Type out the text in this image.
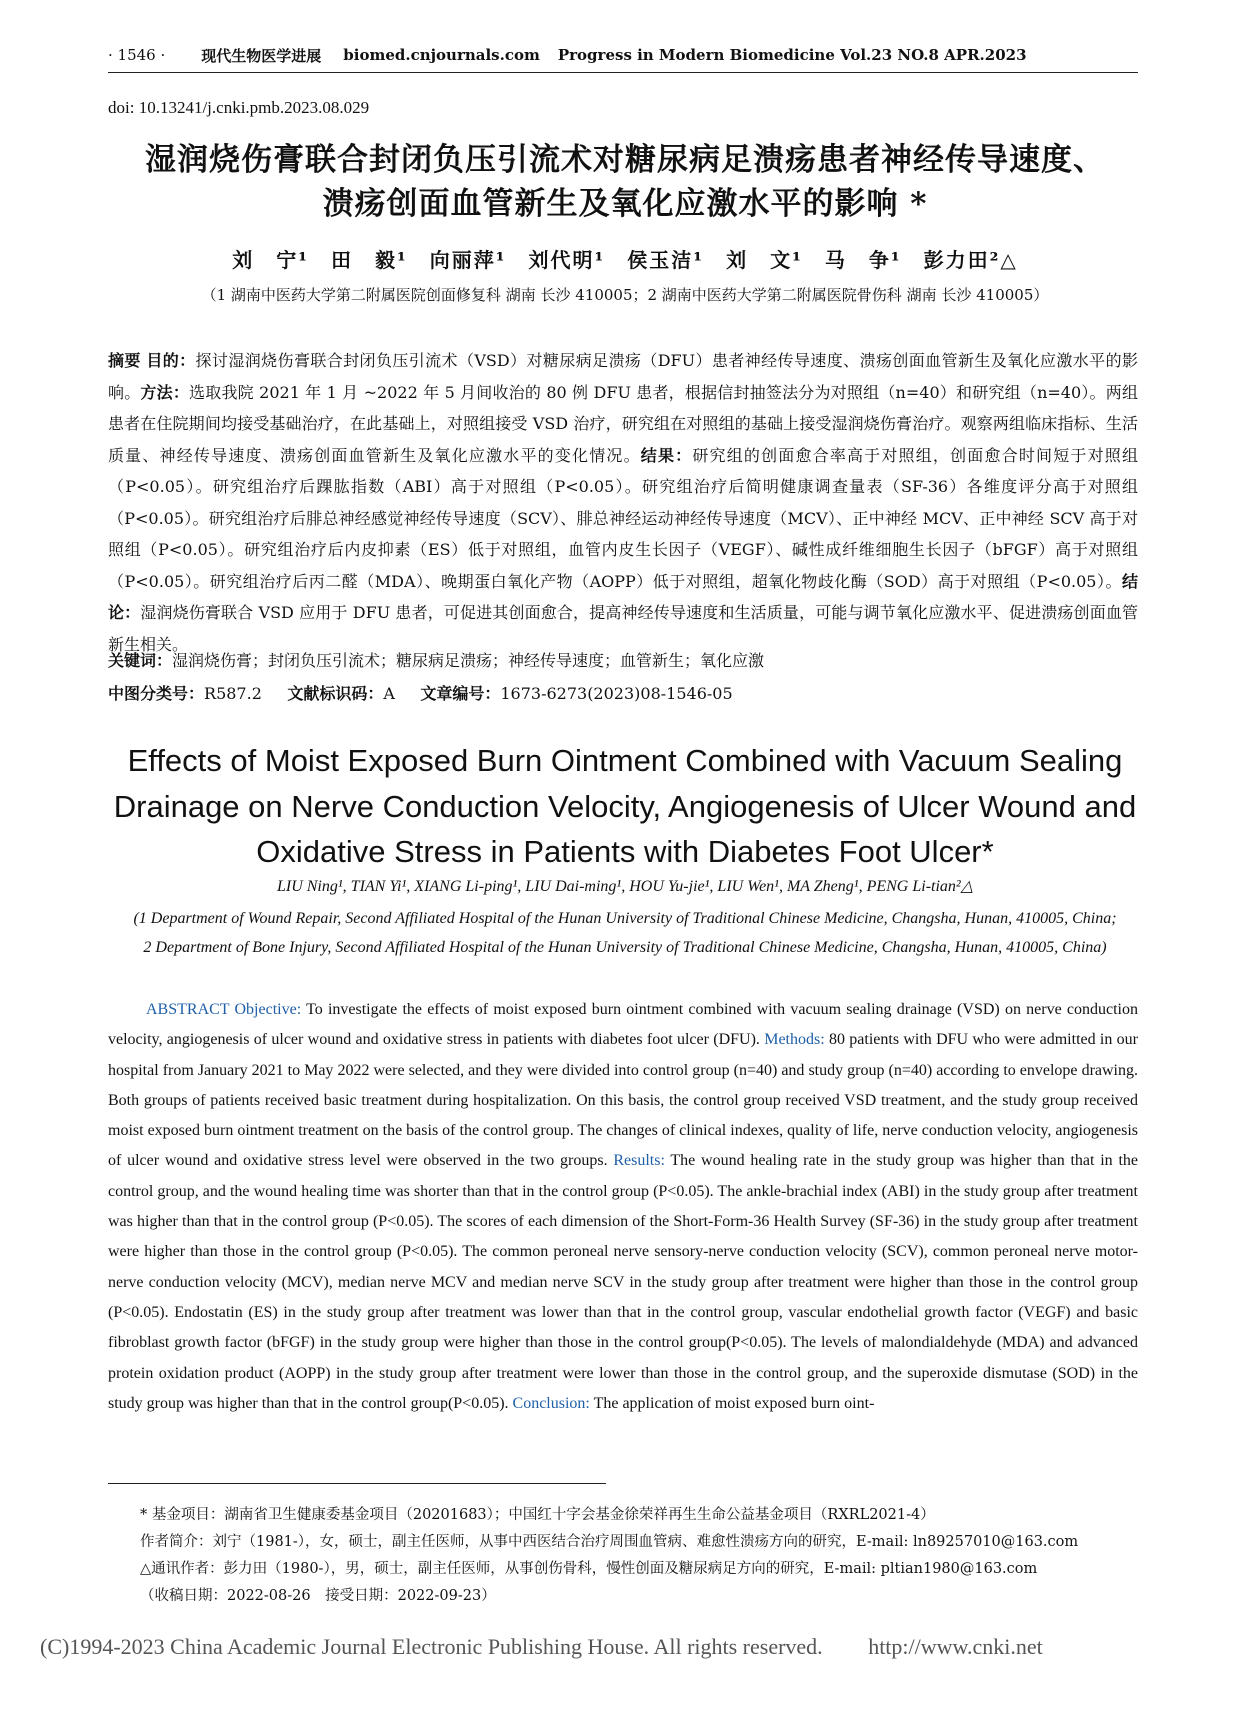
· 1546 · 现代生物医学进展 biomed.cnjournals.com Progress in Modern Biomedicine Vol.23 NO.8 APR.2023
doi: 10.13241/j.cnki.pmb.2023.08.029
湿润烧伤膏联合封闭负压引流术对糖尿病足溃疡患者神经传导速度、
溃疡创面血管新生及氧化应激水平的影响 *
刘　宁¹　田　毅¹　向丽萍¹　刘代明¹　侯玉洁¹　刘　文¹　马　争¹　彭力田²△
（1 湖南中医药大学第二附属医院创面修复科 湖南 长沙 410005；2 湖南中医药大学第二附属医院骨伤科 湖南 长沙 410005）
摘要 目的：探讨湿润烧伤膏联合封闭负压引流术（VSD）对糖尿病足溃疡（DFU）患者神经传导速度、溃疡创面血管新生及氧化应激水平的影响。方法：选取我院 2021 年 1 月 ~2022 年 5 月间收治的 80 例 DFU 患者，根据信封抽签法分为对照组（n=40）和研究组（n=40）。两组患者在住院期间均接受基础治疗，在此基础上，对照组接受 VSD 治疗，研究组在对照组的基础上接受湿润烧伤膏治疗。观察两组临床指标、生活质量、神经传导速度、溃疡创面血管新生及氧化应激水平的变化情况。结果：研究组的创面愈合率高于对照组，创面愈合时间短于对照组（P<0.05）。研究组治疗后踝肱指数（ABI）高于对照组（P<0.05）。研究组治疗后简明健康调查量表（SF-36）各维度评分高于对照组（P<0.05）。研究组治疗后腓总神经感觉神经传导速度（SCV）、腓总神经运动神经传导速度（MCV）、正中神经 MCV、正中神经 SCV 高于对照组（P<0.05）。研究组治疗后内皮抑素（ES）低于对照组，血管内皮生长因子（VEGF）、碱性成纤维细胞生长因子（bFGF）高于对照组（P<0.05）。研究组治疗后丙二醛（MDA）、晚期蛋白氧化产物（AOPP）低于对照组，超氧化物歧化酶（SOD）高于对照组（P<0.05）。结论：湿润烧伤膏联合 VSD 应用于 DFU 患者，可促进其创面愈合，提高神经传导速度和生活质量，可能与调节氧化应激水平、促进溃疡创面血管新生相关。
关键词：湿润烧伤膏；封闭负压引流术；糖尿病足溃疡；神经传导速度；血管新生；氧化应激
中图分类号：R587.2 文献标识码：A 文章编号：1673-6273(2023)08-1546-05
Effects of Moist Exposed Burn Ointment Combined with Vacuum Sealing
Drainage on Nerve Conduction Velocity, Angiogenesis of Ulcer Wound and
Oxidative Stress in Patients with Diabetes Foot Ulcer*
LIU Ning¹, TIAN Yi¹, XIANG Li-ping¹, LIU Dai-ming¹, HOU Yu-jie¹, LIU Wen¹, MA Zheng¹, PENG Li-tian²△
(1 Department of Wound Repair, Second Affiliated Hospital of the Hunan University of Traditional Chinese Medicine, Changsha, Hunan, 410005, China; 2 Department of Bone Injury, Second Affiliated Hospital of the Hunan University of Traditional Chinese Medicine, Changsha, Hunan, 410005, China)
ABSTRACT Objective: To investigate the effects of moist exposed burn ointment combined with vacuum sealing drainage (VSD) on nerve conduction velocity, angiogenesis of ulcer wound and oxidative stress in patients with diabetes foot ulcer (DFU). Methods: 80 patients with DFU who were admitted in our hospital from January 2021 to May 2022 were selected, and they were divided into control group (n=40) and study group (n=40) according to envelope drawing. Both groups of patients received basic treatment during hospitalization. On this basis, the control group received VSD treatment, and the study group received moist exposed burn ointment treatment on the basis of the control group. The changes of clinical indexes, quality of life, nerve conduction velocity, angiogenesis of ulcer wound and oxidative stress level were observed in the two groups. Results: The wound healing rate in the study group was higher than that in the control group, and the wound healing time was shorter than that in the control group (P<0.05). The ankle-brachial index (ABI) in the study group after treatment was higher than that in the control group (P<0.05). The scores of each dimension of the Short-Form-36 Health Survey (SF-36) in the study group after treatment were higher than those in the control group (P<0.05). The common peroneal nerve sensory-nerve conduction velocity (SCV), common peroneal nerve motor-nerve conduction velocity (MCV), median nerve MCV and median nerve SCV in the study group after treatment were higher than those in the control group (P<0.05). Endostatin (ES) in the study group after treatment was lower than that in the control group, vascular endothelial growth factor (VEGF) and basic fibroblast growth factor (bFGF) in the study group were higher than those in the control group(P<0.05). The levels of malondialdehyde (MDA) and advanced protein oxidation product (AOPP) in the study group after treatment were lower than those in the control group, and the superoxide dismutase (SOD) in the study group was higher than that in the control group(P<0.05). Conclusion: The application of moist exposed burn oint-
* 基金项目：湖南省卫生健康委基金项目（20201683）；中国红十字会基金徐荣祥再生生命公益基金项目（RXRL2021-4）
作者简介：刘宁（1981-），女，硕士，副主任医师，从事中西医结合治疗周围血管病、难愈性溃疡方向的研究，E-mail: ln89257010@163.com
△通讯作者：彭力田（1980-），男，硕士，副主任医师，从事创伤骨科，慢性创面及糖尿病足方向的研究，E-mail: pltian1980@163.com
（收稿日期：2022-08-26　接受日期：2022-09-23）
(C)1994-2023 China Academic Journal Electronic Publishing House. All rights reserved. http://www.cnki.net
